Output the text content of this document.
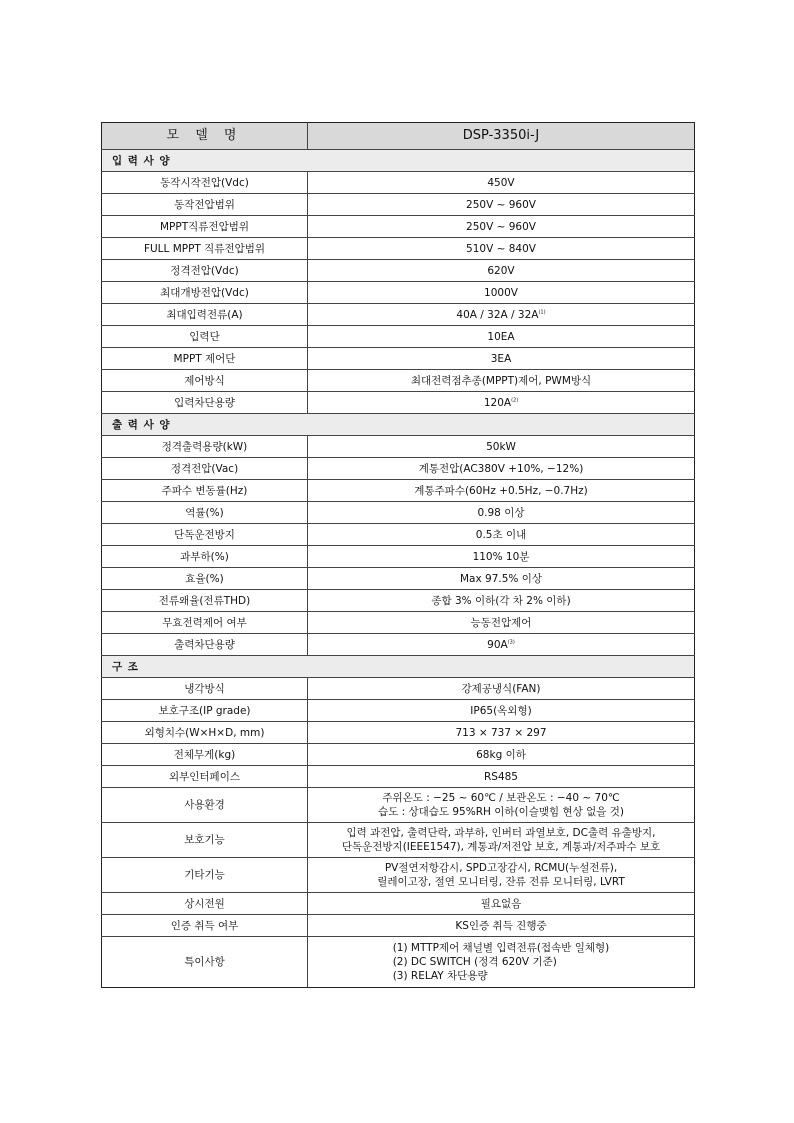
모 델 명	DSP-3350i-J
입 력 사 양	
동작시작전압(Vdc)	450V

동작전압범위	250V ~ 960V

MPPT직류전압범위	250V ~ 960V

FULL MPPT 직류전압범위	510V ~ 840V

정격전압(Vdc)	620V

최대개방전압(Vdc)	1000V

최대입력전류(A)	$40A / 32A / 32A^{(1)}$

입력단	10EA

MPPT 제어단	3EA

제어방식	최대전력점추종(MPPT)제어, PWM방식

입력차단용량	$120A^{(2)}$

출 력 사 양	
정격출력용량(kW)	50kW

정격전압(Vac)	계통전압(AC380V +10%, −12%)

주파수 변동률(Hz)	계통주파수(60Hz +0.5Hz, −0.7Hz)

역률(%)	0.98 이상

단독운전방지	0.5초 이내

과부하(%)	110% 10분

효율(%)	Max 97.5% 이상

전류왜율(전류THD)	종합 3% 이하(각 차 2% 이하)

무효전력제어 여부	능동전압제어

출력차단용량	$90A^{(3)}$

구 조	
냉각방식	강제공냉식(FAN)

보호구조(IP grade)	IP65(옥외형)

외형치수(W×H×D, mm)	713 × 737 × 297

전체무게(kg)	68kg 이하

외부인터페이스	RS485

사용환경	주위온도 : −25 ~ 60℃ / 보관온도 : −40 ~ 70℃
습도 : 상대습도 95%RH 이하(이슬맺힘 현상 없을 것)

보호기능	입력 과전압, 출력단락, 과부하, 인버터 과열보호, DC출력 유출방지,
단독운전방지(IEEE1547), 계통과/저전압 보호, 계통과/저주파수 보호

기타기능	PV절연저항감시, SPD고장감시, RCMU(누설전류),
릴레이고장, 절연 모니터링, 잔류 전류 모니터링, LVRT

상시전원	필요없음

인증 취득 여부	KS인증 취득 진행중

특이사항	(1) MTTP제어 채널별 입력전류(접속반 일체형)
(2) DC SWITCH (정격 620V 기준)
(3) RELAY 차단용량
